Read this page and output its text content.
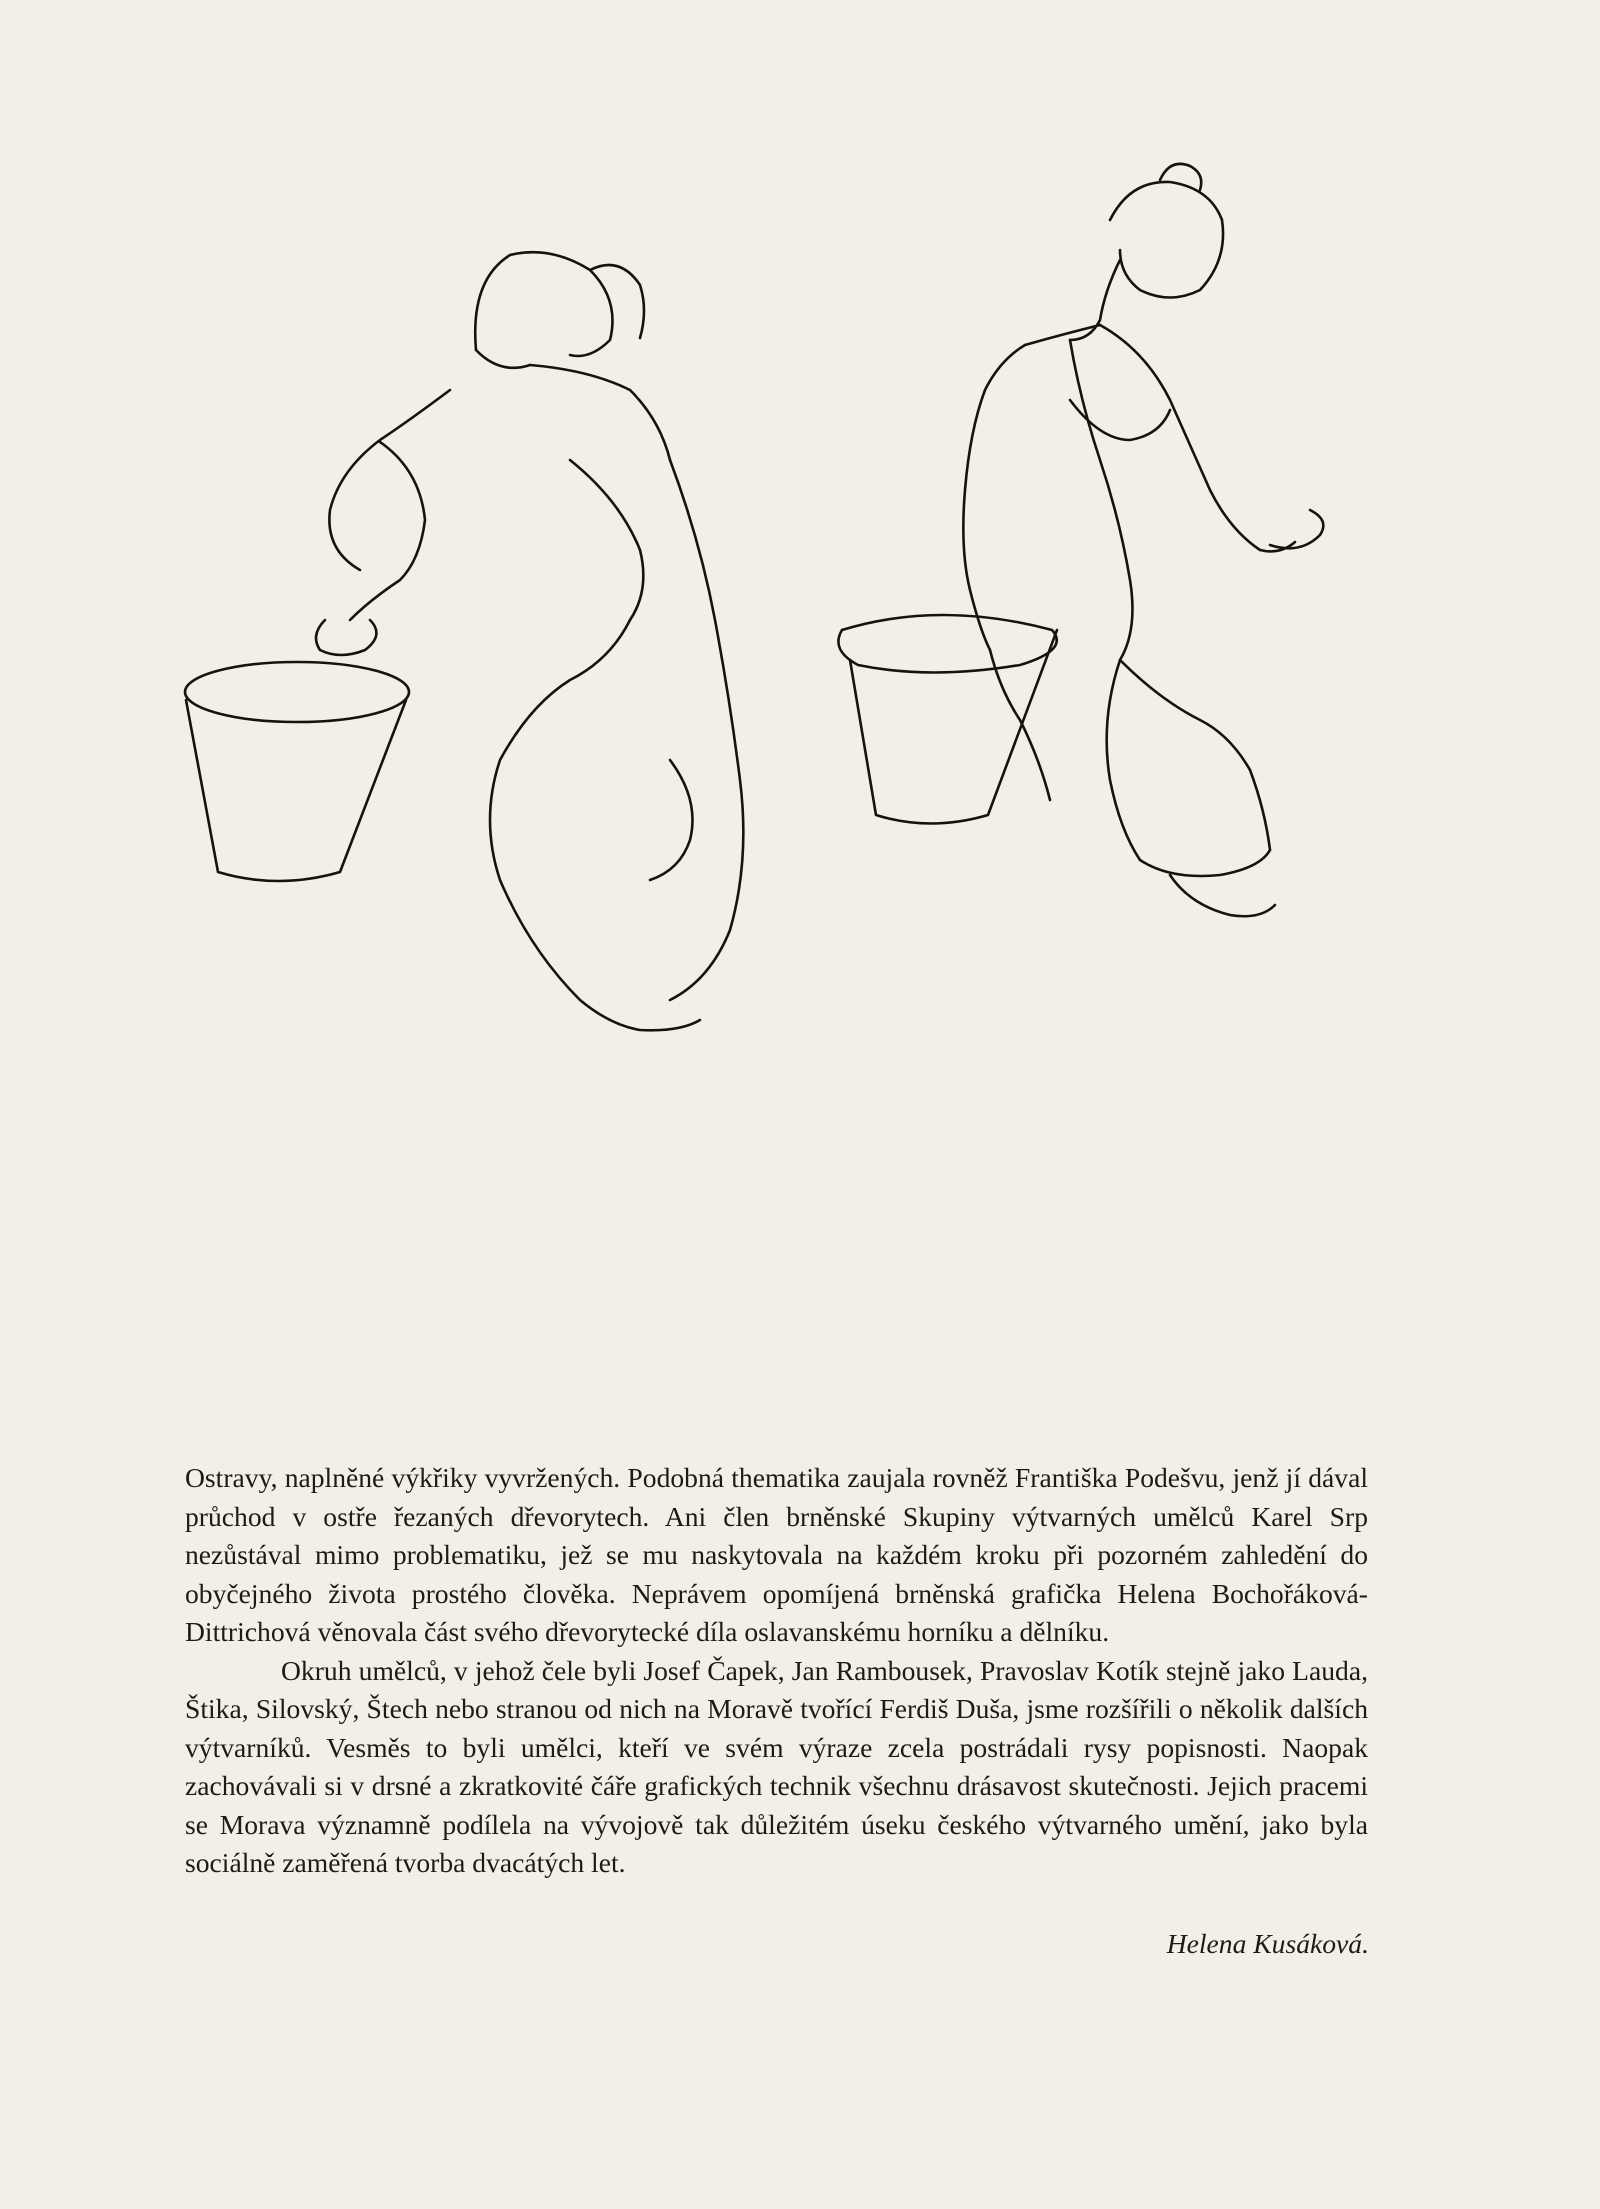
Ostravy, naplněné výkřiky vyvržených. Podobná thematika zaujala rovněž Františka Podešvu, jenž jí dával průchod v ostře řezaných dřevorytech. Ani člen brněnské Skupiny výtvarných umělců Karel Srp nezůstával mimo problematiku, jež se mu naskytovala na každém kroku při pozorném zahledění do obyčejného života prostého člověka. Neprávem opomíjená brněnská grafička Helena Bochořáková-Dittrichová věnovala část svého dřevorytecké díla oslavanskému horníku a dělníku.

Okruh umělců, v jehož čele byli Josef Čapek, Jan Rambousek, Pravoslav Kotík stejně jako Lauda, Štika, Silovský, Štech nebo stranou od nich na Moravě tvořící Ferdiš Duša, jsme rozšířili o několik dalších výtvarníků. Vesměs to byli umělci, kteří ve svém výraze zcela postrádali rysy popisnosti. Naopak zachovávali si v drsné a zkratkovité čáře grafických technik všechnu drásavost skutečnosti. Jejich pracemi se Morava významně podílela na vývojově tak důležitém úseku českého výtvarného umění, jako byla sociálně zaměřená tvorba dvacátých let.

Helena Kusáková.
